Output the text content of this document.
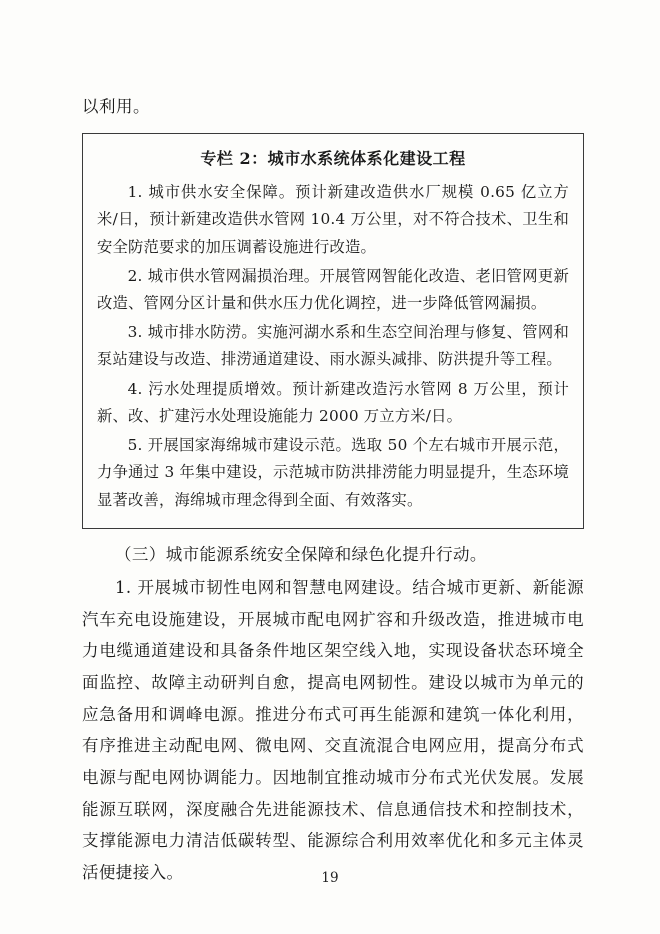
以利用。

专栏 2：城市水系统体系化建设工程

1. 城市供水安全保障。预计新建改造供水厂规模 0.65 亿立方米/日，预计新建改造供水管网 10.4 万公里，对不符合技术、卫生和安全防范要求的加压调蓄设施进行改造。

2. 城市供水管网漏损治理。开展管网智能化改造、老旧管网更新改造、管网分区计量和供水压力优化调控，进一步降低管网漏损。

3. 城市排水防涝。实施河湖水系和生态空间治理与修复、管网和泵站建设与改造、排涝通道建设、雨水源头减排、防洪提升等工程。

4. 污水处理提质增效。预计新建改造污水管网 8 万公里，预计新、改、扩建污水处理设施能力 2000 万立方米/日。

5. 开展国家海绵城市建设示范。选取 50 个左右城市开展示范，力争通过 3 年集中建设，示范城市防洪排涝能力明显提升，生态环境显著改善，海绵城市理念得到全面、有效落实。

（三）城市能源系统安全保障和绿色化提升行动。

1. 开展城市韧性电网和智慧电网建设。结合城市更新、新能源汽车充电设施建设，开展城市配电网扩容和升级改造，推进城市电力电缆通道建设和具备条件地区架空线入地，实现设备状态环境全面监控、故障主动研判自愈，提高电网韧性。建设以城市为单元的应急备用和调峰电源。推进分布式可再生能源和建筑一体化利用，有序推进主动配电网、微电网、交直流混合电网应用，提高分布式电源与配电网协调能力。因地制宜推动城市分布式光伏发展。发展能源互联网，深度融合先进能源技术、信息通信技术和控制技术，支撑能源电力清洁低碳转型、能源综合利用效率优化和多元主体灵活便捷接入。	19
